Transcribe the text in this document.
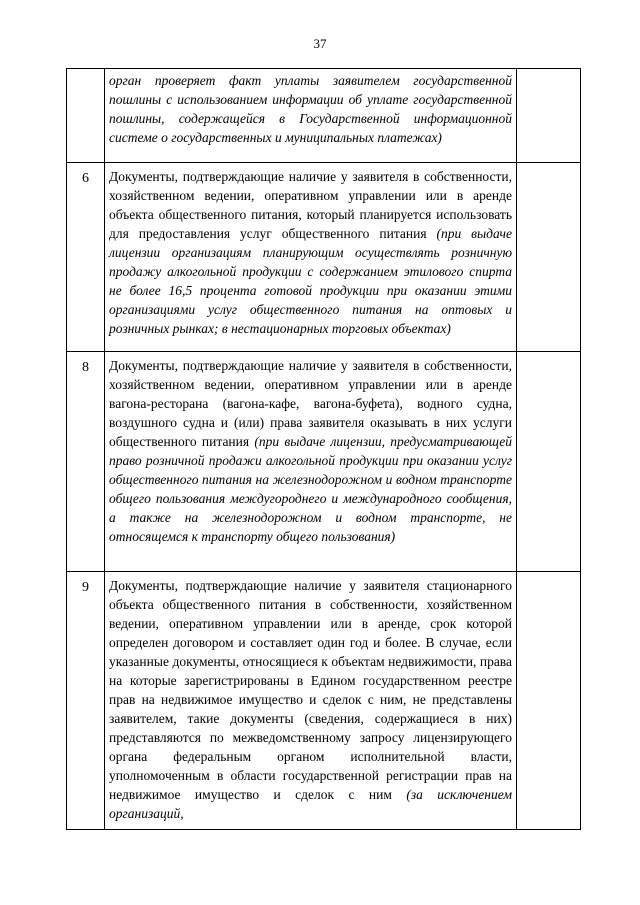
37
	орган проверяет факт уплаты заявителем государственной пошлины с использованием информации об уплате государственной пошлины, содержащейся в Государственной информационной системе о государственных и муниципальных платежах)	
6	Документы, подтверждающие наличие у заявителя в собственности, хозяйственном ведении, оперативном управлении или в аренде объекта общественного питания, который планируется использовать для предоставления услуг общественного питания (при выдаче лицензии организациям планирующим осуществлять розничную продажу алкогольной продукции с содержанием этилового спирта не более 16,5 процента готовой продукции при оказании этими организациями услуг общественного питания на оптовых и розничных рынках; в нестационарных торговых объектах)	
8	Документы, подтверждающие наличие у заявителя в собственности, хозяйственном ведении, оперативном управлении или в аренде вагона-ресторана (вагона-кафе, вагона-буфета), водного судна, воздушного судна и (или) права заявителя оказывать в них услуги общественного питания (при выдаче лицензии, предусматривающей право розничной продажи алкогольной продукции при оказании услуг общественного питания на железнодорожном и водном транспорте общего пользования междугороднего и международного сообщения, а также на железнодорожном и водном транспорте, не относящемся к транспорту общего пользования)	
9	Документы, подтверждающие наличие у заявителя стационарного объекта общественного питания в собственности, хозяйственном ведении, оперативном управлении или в аренде, срок которой определен договором и составляет один год и более. В случае, если указанные документы, относящиеся к объектам недвижимости, права на которые зарегистрированы в Едином государственном реестре прав на недвижимое имущество и сделок с ним, не представлены заявителем, такие документы (сведения, содержащиеся в них) представляются по межведомственному запросу лицензирующего органа федеральным органом исполнительной власти, уполномоченным в области государственной регистрации прав на недвижимое имущество и сделок с ним (за исключением организаций,	
